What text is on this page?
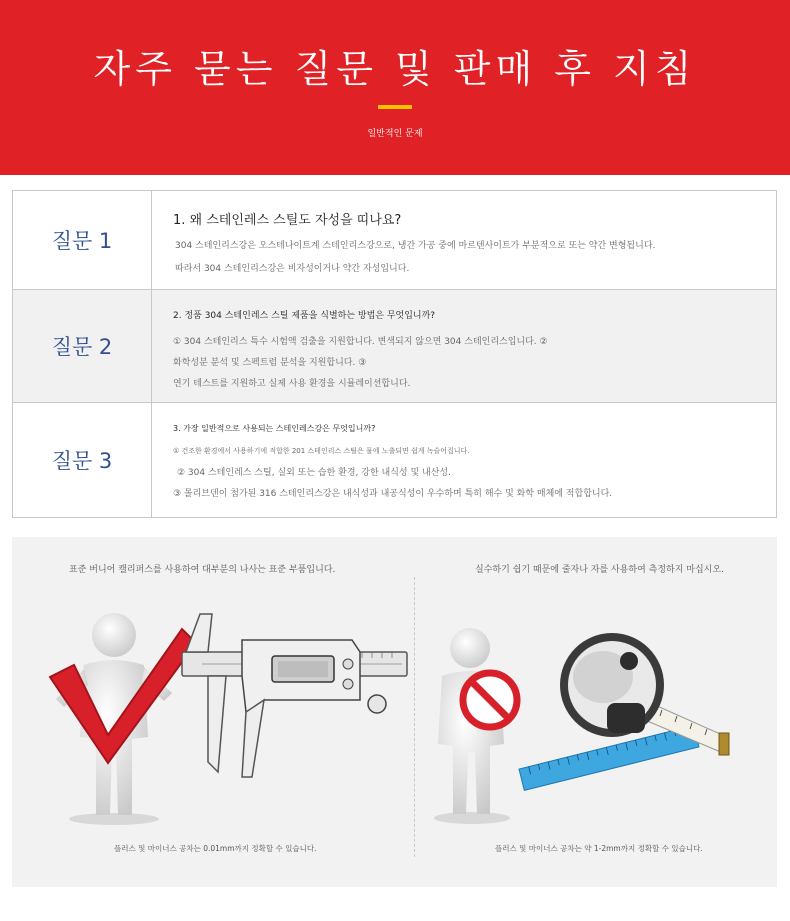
자주 묻는 질문 및 판매 후 지침
일반적인 문제
질문 1
1. 왜 스테인레스 스틸도 자성을 띠나요?
304 스테인리스강은 오스테나이트계 스테인리스강으로, 냉간 가공 중에 마르텐사이트가 부분적으로 또는 약간 변형됩니다.
따라서 304 스테인리스강은 비자성이거나 약간 자성입니다.
질문 2
2. 정품 304 스테인레스 스틸 제품을 식별하는 방법은 무엇입니까?
① 304 스테인리스 특수 시험액 검출을 지원합니다. 변색되지 않으면 304 스테인리스입니다. ②
화학성분 분석 및 스펙트럼 분석을 지원합니다. ③
연기 테스트를 지원하고 실제 사용 환경을 시뮬레이션합니다.
질문 3
3. 가장 일반적으로 사용되는 스테인레스강은 무엇입니까?
① 건조한 환경에서 사용하기에 적합한 201 스테인리스 스틸은 물에 노출되면 쉽게 녹슬어집니다.
② 304 스테인레스 스틸, 실외 또는 습한 환경, 강한 내식성 및 내산성.
③ 몰리브덴이 첨가된 316 스테인리스강은 내식성과 내공식성이 우수하며 특히 해수 및 화학 매체에 적합합니다.
표준 버니어 캘리퍼스를 사용하여 대부분의 나사는 표준 부품입니다.	실수하기 쉽기 때문에 줄자나 자를 사용하여 측정하지 마십시오.
플러스 및 마이너스 공차는 0.01mm까지 정확할 수 있습니다.	플러스 및 마이너스 공차는 약 1-2mm까지 정확할 수 있습니다.
